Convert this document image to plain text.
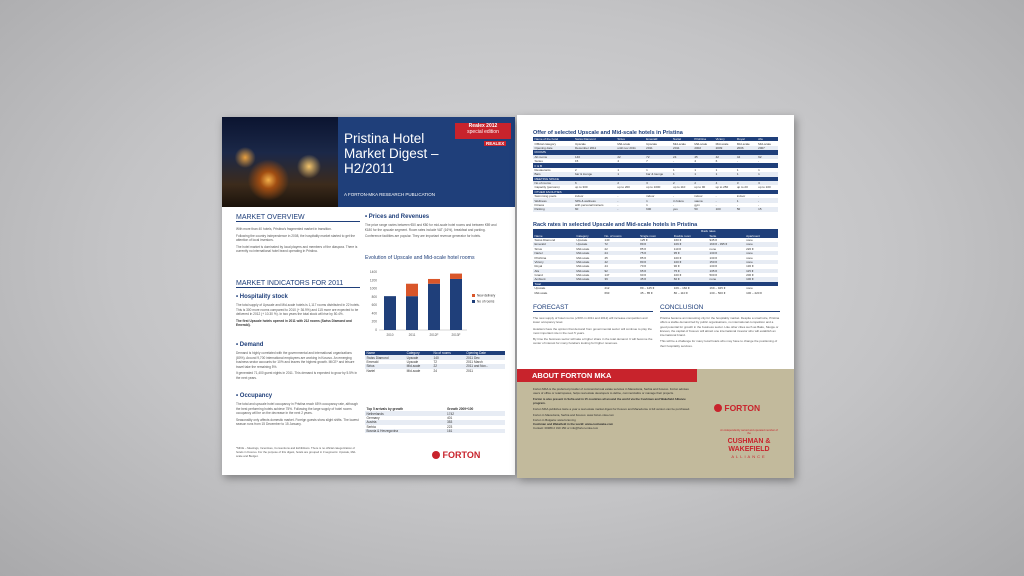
Realex 2012
special edition
REALEX
Pristina Hotel Market Digest – H2/2011
A FORTON-MKA RESEARCH PUBLICATION
MARKET OVERVIEW
With more than 40 hotels, Pristina’s fragmented market in transition.
Following the country independence in 2008, the hospitality market started to get the attention of local investors.
The hotel market is dominated by local players and members of the diaspora. There is currently no international hotel brand operating in Pristina.
MARKET INDICATORS FOR 2011
• Hospitality stock
The total supply of Upscale and Mid-scale hotels is 1,117 rooms distributed in 22 hotels. This is 300 more rooms compared to 2010 (+ 36.9%) and 115 more are expected to be delivered in 2012 (+ 10.30 %). In two years the total stock will rise by 50.4%.
The first Upscale hotels opened in 2011 with 212 rooms (Swiss Diamond and Emerald).
• Demand
Demand is highly correlated with the governmental and international organizations (80%). Around 9,700 international employees are working in Kosovo. An emerging business sector accounts for 10% and leaves the highest growth. MICE* and leisure travel take the remaining 5%.
It generated 71,400 guest nights in 2011. This demand is expected to grow by 5.5% in the next years.
• Occupancy
The total and upscale hotel occupancy in Pristina reach 65% occupancy rate, although the best performing hotels achieve 75%. Following the large supply of hotel rooms occupancy will be on the decrease in the next 2 years.
Seasonality only affects domestic market. Foreign guests show slight shifts. The lowest season runs from 15 December to 15 January.
*MICE – Meetings, Incentives, Conventions and Exhibitions. There is no official categorization of hotels in Kosovo. For the purpose of this digest, hotels are grouped in 3 segments: Upscale, Mid-scale and Budget.
• Prices and Revenues
The price range varies between €50 and €80 for mid-scale hotel rooms and between €89 and €180 for the upscale segment. Room rates include VAT (16%), breakfast and parking.
Conference facilities are popular. They are important revenue generator for hotels.
Evolution of Upscale and Mid-scale hotel rooms
1400
1200
1000
800
600
400
200
0
2010	2011	2012F	2013F
New delivery
No of rooms
Name	Category	No of rooms	Opening Date
Swiss Diamond	Upscale	140	2011 Dec
Emerald	Upscale	72	2011 March
Sirius	Mid-scale	22	2011 and Nov...
Nartel	Mid-scale	24	2011
Top 5 arrivals by growth	Growth 2009+100
Netherlands	1742
Germany	401
Austria	353
Serbia	223
Bosnia & Herzegovina	161
FORTON
Offer of selected Upscale and Mid-scale hotels in Pristina
Name of the hotel	Swiss Diamond	Sirius	Emerald	Nartel	Prishtina	Victory	Royal	Afa
Official category	Upscale	Mid-scale	Upscale	Mid-scale	Mid-scale	Mid-scale	Mid-scale	Mid-scale
Opening date	December 2011	until nov 2011	2011	2011	2002	2009	2006	2007
ROOMS								
All rooms	140	22	72	24	45	42	44	92
Suites	15	4	7	-	4	6	-	-
F & B								
Restaurants	2	1	1	1	1	1	1	1
Bars	bar & lounge	1	bar & lounge	1	1	1	1	1
MEETING SPACE								
No of rooms	6	2	3	2	2	4	3	3
Capacity (persons)	up to 300	up to 200	up to 1000	up to 110	up to 90	up to 250	up to 20	up to 100
OTHER FACILITIES								
Swimming pools	indoor	-	indoor	-	indoor	-	indoor	-
Wellness	SPA & wellness	-	1	in future	sauna	-	1	-
Fitness	with personal trainers	-	1	-	gym	-	-	-
Parking	60	-	600	yes	50	100	50	15
Rack rates in selected Upscale and Mid-scale hotels in Pristina
			Rack rates			
Name	Category	No. of rooms	Single room	Double room	Suite	Apartment
Swiss Diamond	Upscale	140	125 €	160 €	945 €	none
Emerald	Upscale	72	89 €	109 €	169 € - 395 €	none
Sirius	Mid-scale	22	85 €	110 €	none	220 €
Nartel	Mid-scale	24	75 €	95 €	130 €	none
Prishtina	Mid-scale	45	85 €	100 €	130 €	none
Victory	Mid-scale	42	80 €	100 €	150 €	none
Royal	Mid-scale	44	70 €	90 €	130 €	130 €
Afa	Mid-scale	92	65 €	75 €	135 €	115 €
Grand	Mid-scale	147	90 €	100 €	500 €	200 €
Ambient	Mid-scale	39	45 €	60 €	none	100 €
Total						
Upscale		212	89 – 125 €	109 – 160 €	169 – 945 €	none
Mid-scale		693	45 – 85 €	80 – 110 €	130 – 500 €	100 – 220 €
FORECAST
The new supply of hotel rooms (+50% in 2011 and 2012) will increase competition and lower occupancy level.
Hoteliers have the opinion that demand from governmental sector will continue to play the most important role in the next 5 years.
By time the business sector will take a higher share in the total demand. It will become the center of interest for many hoteliers looking for higher revenues.
CONCLUSION
Pristina became an interesting city for the hospitality market. Despite a small size, Pristina offers a stable demand led by public organisations, no international competition and a good potential for growth in the business sector. Like other cities such as Baku, Skopje or Erevan, the capital of Kosovo will attract one international investor who will establish an international brand.
This will be a challenge for many local hotels who may have to change the positioning of their hospitality services.
ABOUT FORTON MKA
Forton MKA is the preferred provider of commercial real estate services in Macedonia, Serbia and Kosovo. Forton advises users of office or retail spaces, helps real estate developers to define, commercialize or manage their projects.
Forton is also present in Sofia and in 15 countries all around the world via the Cushman and Wakefield Alliance program.
Forton MKA publishes twice a year a real estate market digest for Kosovo and Macedonia. A full version can be purchased.
Forton in Macedonia, Serbia and Kosovo: www.forton-mka.com
Forton in Bulgaria: www.forton.bg
Cushman and Wakefield in the world: www.cushwake.com
Contact: 00389 2 310 150 or info@forton-mka.com
FORTON
An independently owned and operated member of the
CUSHMAN &
WAKEFIELD
ALLIANCE
